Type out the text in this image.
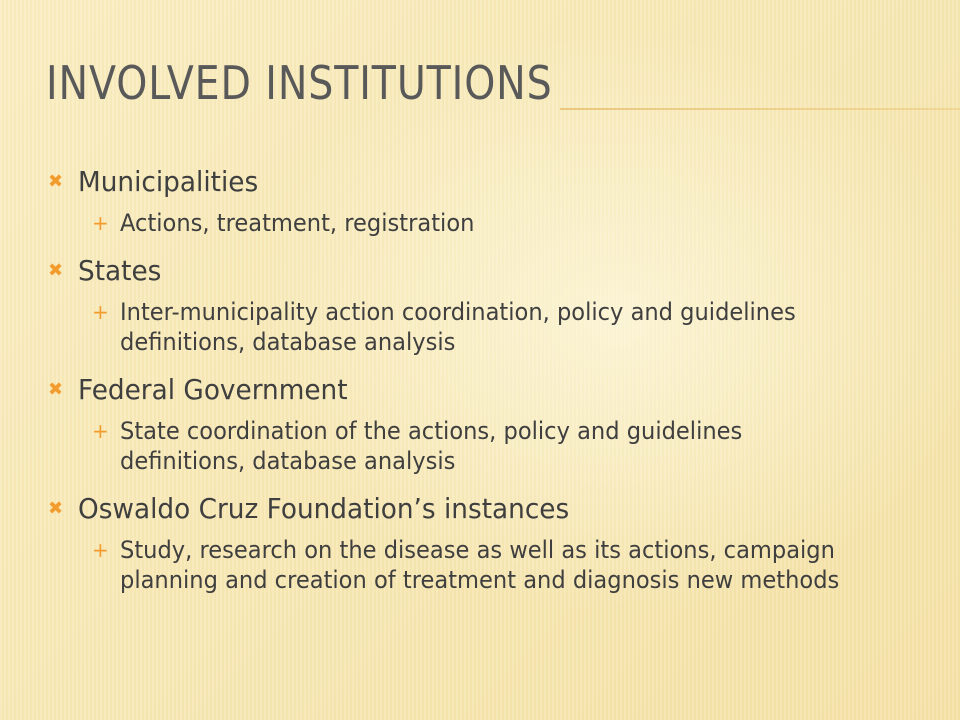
INVOLVED INSTITUTIONS
✖ Municipalities
+ Actions, treatment, registration
✖ States
+ Inter-municipality action coordination, policy and guidelines definitions, database analysis
✖ Federal Government
+ State coordination of the actions, policy and guidelines definitions, database analysis
✖ Oswaldo Cruz Foundation’s instances
+ Study, research on the disease as well as its actions, campaign planning and creation of treatment and diagnosis new methods
